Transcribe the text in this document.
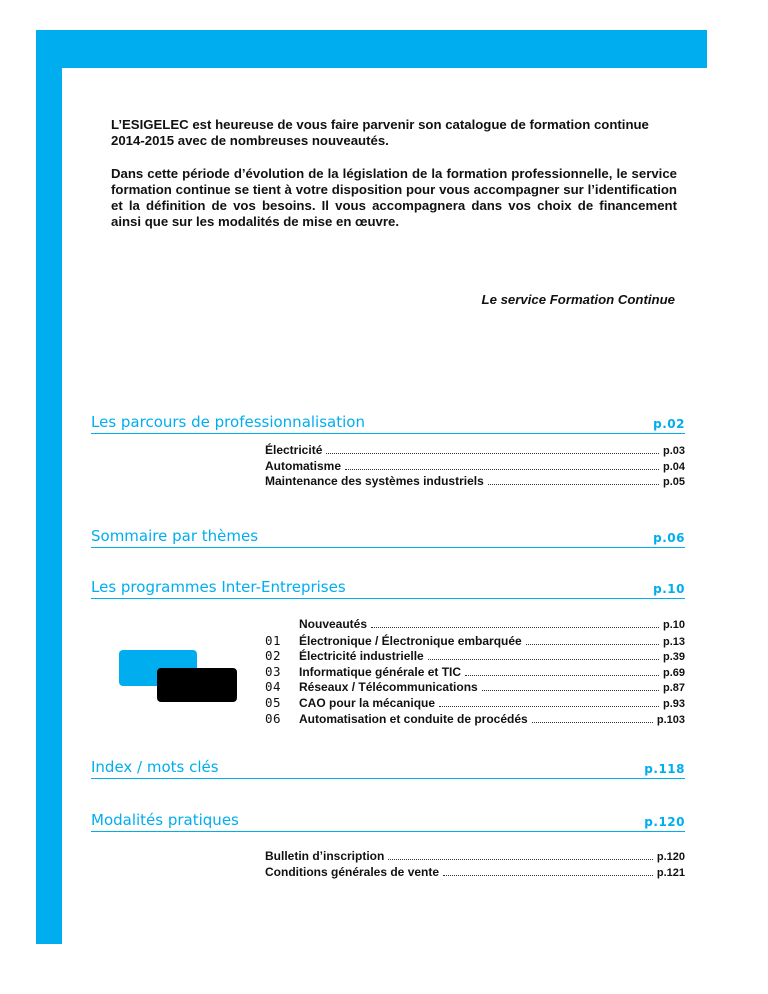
L’ESIGELEC est heureuse de vous faire parvenir son catalogue de formation continue 2014-2015 avec de nombreuses nouveautés.

Dans cette période d’évolution de la législation de la formation professionnelle, le service formation continue se tient à votre disposition pour vous accompagner sur l’identification et la définition de vos besoins. Il vous accompagnera dans vos choix de financement ainsi que sur les modalités de mise en œuvre.

Le service Formation Continue
Les parcours de professionnalisation	p.02
Électricité	p.03
Automatisme	p.04
Maintenance des systèmes industriels	p.05
Sommaire par thèmes	p.06
Les programmes Inter-Entreprises	p.10
Nouveautés	p.10
01	Électronique / Électronique embarquée	p.13
02	Électricité industrielle	p.39
03	Informatique générale et TIC	p.69
04	Réseaux / Télécommunications	p.87
05	CAO pour la mécanique	p.93
06	Automatisation et conduite de procédés	p.103
Index / mots clés	p.118
Modalités pratiques	p.120
Bulletin d’inscription	p.120
Conditions générales de vente	p.121
